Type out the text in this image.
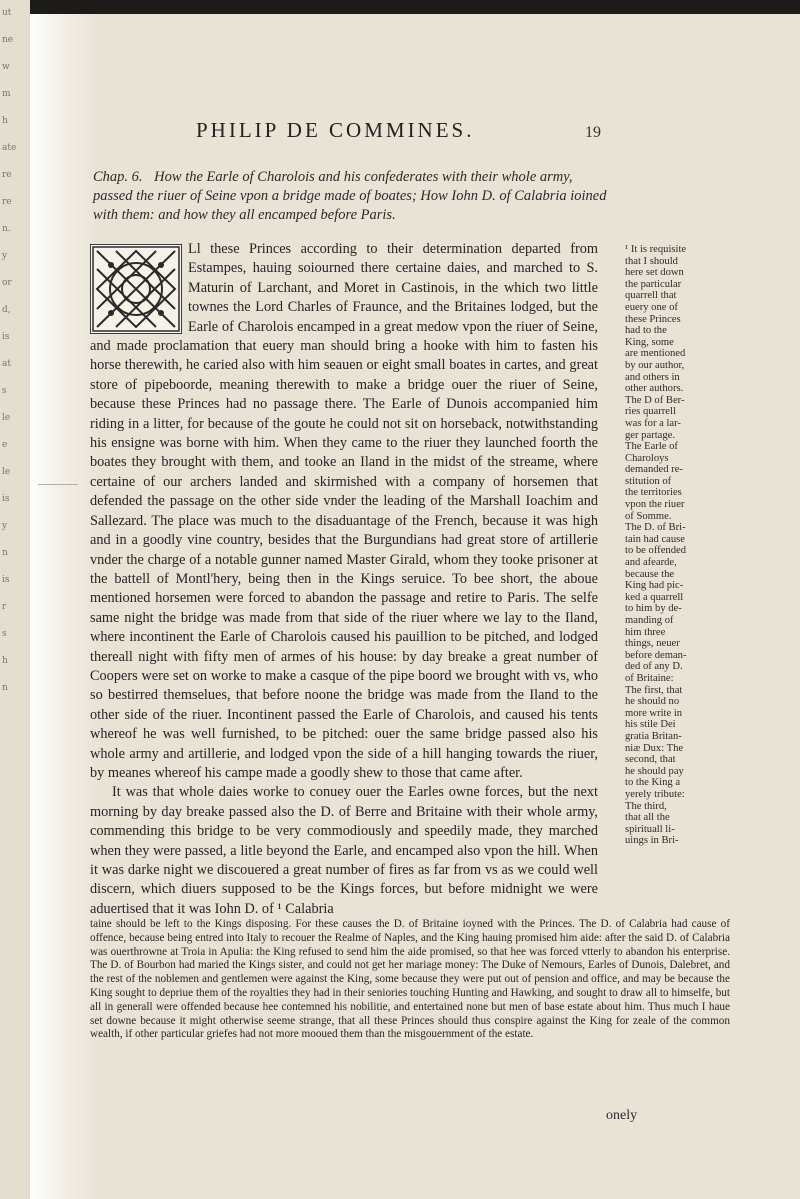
ut
ne
w
m
h
ate
re
re
n.
y
or
d,
is
at
s
le
e
le
is
y
n
is
r
s
h
n
PHILIP DE COMMINES.	19
Chap. 6. How the Earle of Charolois and his confederates with their whole army, passed the riuer of Seine vpon a bridge made of boates; How Iohn D. of Calabria ioined with them: and how they all encamped before Paris.

Ll these Princes according to their determination departed from Estampes, hauing soiourned there certaine daies, and marched to S. Maturin of Larchant, and Moret in Castinois, in the which two little townes the Lord Charles of Fraunce, and the Britaines lodged, but the Earle of Charolois encamped in a great medow vpon the riuer of Seine, and made proclamation that euery man should bring a hooke with him to fasten his horse therewith, he caried also with him seauen or eight small boates in cartes, and great store of pipeboorde, meaning therewith to make a bridge ouer the riuer of Seine, because these Princes had no passage there. The Earle of Dunois accompanied him riding in a litter, for because of the goute he could not sit on horseback, notwithstanding his ensigne was borne with him. When they came to the riuer they launched foorth the boates they brought with them, and tooke an Iland in the midst of the streame, where certaine of our archers landed and skirmished with a company of horsemen that defended the passage on the other side vnder the leading of the Marshall Ioachim and Sallezard. The place was much to the disaduantage of the French, because it was high and in a goodly vine country, besides that the Burgundians had great store of artillerie vnder the charge of a notable gunner named Master Girald, whom they tooke prisoner at the battell of Montl'hery, being then in the Kings seruice. To bee short, the aboue mentioned horsemen were forced to abandon the passage and retire to Paris. The selfe same night the bridge was made from that side of the riuer where we lay to the Iland, where incontinent the Earle of Charolois caused his pauillion to be pitched, and lodged thereall night with fifty men of armes of his house: by day breake a great number of Coopers were set on worke to make a casque of the pipe boord we brought with vs, who so bestirred themselues, that before noone the bridge was made from the Iland to the other side of the riuer. Incontinent passed the Earle of Charolois, and caused his tents whereof he was well furnished, to be pitched: ouer the same bridge passed also his whole army and artillerie, and lodged vpon the side of a hill hanging towards the riuer, by meanes whereof his campe made a goodly shew to those that came after.

It was that whole daies worke to conuey ouer the Earles owne forces, but the next morning by day breake passed also the D. of Berre and Britaine with their whole army, commending this bridge to be very commodiously and speedily made, they marched when they were passed, a litle beyond the Earle, and encamped also vpon the hill. When it was darke night we discouered a great number of fires as far from vs as we could well discern, which diuers supposed to be the Kings forces, but before midnight we were aduertised that it was Iohn D. of ¹ Calabria

¹ It is requisite
that I should
here set down
the particular
quarrell that
euery one of
these Princes
had to the
King, some
are mentioned
by our author,
and others in
other authors.
The D of Ber-
ries quarrell
was for a lar-
ger partage.
The Earle of
Charoloys
demanded re-
stitution of
the territories
vpon the riuer
of Somme.
The D. of Bri-
tain had cause
to be offended
and afearde,
because the
King had pic-
ked a quarrell
to him by de-
manding of
him three
things, neuer
before deman-
ded of any D.
of Britaine:
The first, that
he should no
more write in
his stile Dei
gratia Britan-
niæ Dux: The
second, that
he should pay
to the King a
yerely tribute:
The third,
that all the
spirituall li-
uings in Bri-
taine should be left to the Kings disposing. For these causes the D. of Britaine ioyned with the Princes. The D. of Calabria had cause of offence, because being entred into Italy to recouer the Realme of Naples, and the King hauing promised him aide: after the said D. of Calabria was ouerthrowne at Troia in Apulia: the King refused to send him the aide promised, so that hee was forced vtterly to abandon his enterprise. The D. of Bourbon had maried the Kings sister, and could not get her mariage money: The Duke of Nemours, Earles of Dunois, Dalebret, and the rest of the noblemen and gentlemen were against the King, some because they were put out of pension and office, and may be because the King sought to depriue them of the royalties they had in their seniories touching Hunting and Hawking, and sought to draw all to himselfe, but all in generall were offended because hee contemned his nobilitie, and entertained none but men of base estate about him. Thus much I haue set downe because it might otherwise seeme strange, that all these Princes should thus conspire against the King for zeale of the common wealth, if other particular griefes had not more mooued them than the misgouernment of the estate.
onely
